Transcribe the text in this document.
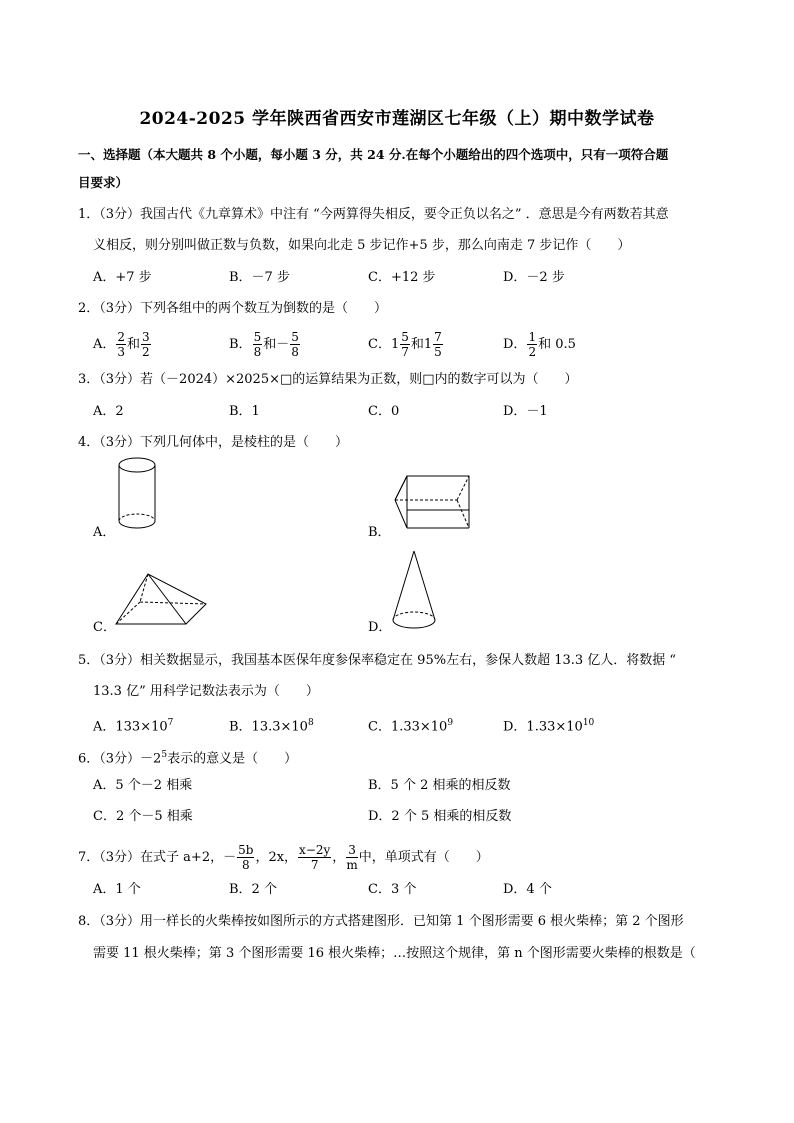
2024-2025 学年陕西省西安市莲湖区七年级（上）期中数学试卷
一、选择题（本大题共 8 个小题，每小题 3 分，共 24 分.在每个小题给出的四个选项中，只有一项符合题
目要求）
1．（3分）我国古代《九章算术》中注有 “今两算得失相反，要令正负以名之” ．意思是今有两数若其意
义相反，则分别叫做正数与负数，如果向北走 5 步记作+5 步，那么向南走 7 步记作（　　）
A．+7 步	B．－7 步	C．+12 步	D．－2 步
2．（3分）下列各组中的两个数互为倒数的是（　　）
A． $\frac{2}{3}$ 和 $\frac{3}{2}$	B． $\frac{5}{8}$ 和－ $\frac{5}{8}$	C．$1 \frac{5}{7}$ 和$1 \frac{7}{5}$	D． $\frac{1}{2}$ 和 0.5
3．（3分）若（－2024）×2025×□的运算结果为正数，则□内的数字可以为（　　）
A．2	B．1	C．0	D．－1
4．（3分）下列几何体中，是棱柱的是（　　）
A．	B．
C．	D．
5．（3分）相关数据显示，我国基本医保年度参保率稳定在 95%左右，参保人数超 13.3 亿人．将数据 “
13.3 亿” 用科学记数法表示为（　　）
A．$133\times 10^7$	B．$13.3\times 10^8$	C．$1.33\times 10^9$	D．$1.33\times 10^{10}$
6．（3分）$-2^5$表示的意义是（　　）
A．5 个－2 相乘	B．5 个 2 相乘的相反数
C．2 个－5 相乘	D．2 个 5 相乘的相反数
7．（3分）在式子 a+2，－ $\frac{5b}{8}$ ，2x， $\frac{x-2y}{7}$ ， $\frac{3}{m}$ 中，单项式有（　　）
A．1 个	B．2 个	C．3 个	D．4 个
8．（3分）用一样长的火柴棒按如图所示的方式搭建图形．已知第 1 个图形需要 6 根火柴棒；第 2 个图形
需要 11 根火柴棒；第 3 个图形需要 16 根火柴棒；…按照这个规律，第 n 个图形需要火柴棒的根数是（
